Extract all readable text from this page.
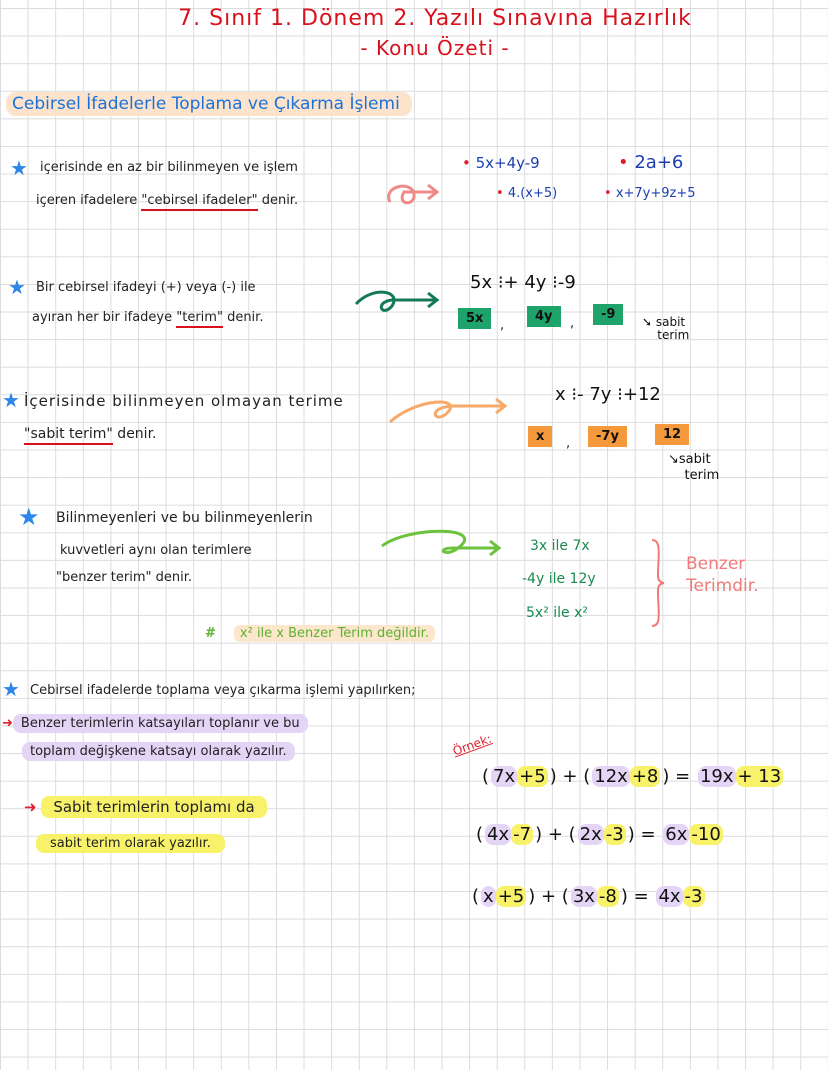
7. Sınıf 1. Dönem 2. Yazılı Sınavına Hazırlık
- Konu Özeti -
Cebirsel İfadelerle Toplama ve Çıkarma İşlemi
★ içerisinde en az bir bilinmeyen ve işlem
içeren ifadelere "cebirsel ifadeler" denir.
• 5x+4y-9	• 2a+6
• 4.(x+5)	• x+7y+9z+5
★ Bir cebirsel ifadeyi (+) veya (-) ile
ayıran her bir ifadeye "terim" denir.
5x ⁝+ 4y ⁝-9
5x	,
4y	,
-9	➘ sabit
terim
★ İçerisinde bilinmeyen olmayan terime
"sabit terim" denir.
x ⁝- 7y ⁝+12
x	,	-7y	12
↘sabit
terim
★ Bilinmeyenleri ve bu bilinmeyenlerin
kuvvetleri aynı olan terimlere
"benzer terim" denir.
3x ile 7x
-4y ile 12y
5x² ile x²
Benzer
Terimdir.
# x² ile x Benzer Terim değildir.
★ Cebirsel ifadelerde toplama veya çıkarma işlemi yapılırken;
➜ Benzer terimlerin katsayıları toplanır ve bu
toplam değişkene katsayı olarak yazılır.
➜ Sabit terimlerin toplamı da
sabit terim olarak yazılır.
Örnek:
( 7x +5 ) + ( 12x +8 ) = 19x + 13
( 4x -7 ) + ( 2x -3 ) = 6x -10
( x +5 ) + ( 3x -8 ) = 4x -3
